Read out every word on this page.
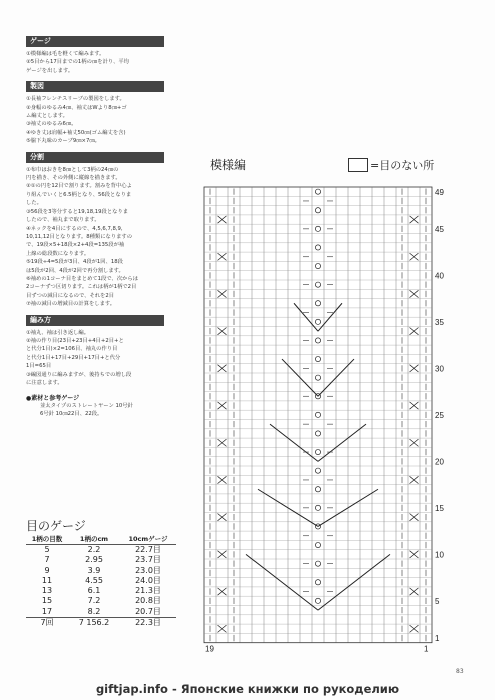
ゲージ
①模様編は毛を軽くて編みます。
②5目から17目までの1柄の㎝を計り、平均
ゲージを出します。
製図
①長袖フレンチスリーブの製図をします。
②身幅のゆるみ4㎝、袖丈はWより8㎝+ゴ
ム編丈とします。
③袖丈のゆるみ6㎝。
④ゆき丈は肩幅+袖丈50㎝(ゴム編丈を含)
⑤脇下丸味のカーブ9㎝×7㎝。
分割
①布巾はおきを8㎝として3柄の24㎝の
円を描き、その外側に縦線を描きます。
②①の円を12目で割ります。割みを背中心よ
り組んでいくと6.5柄となり、56段となりま
した。
③56段を3等分すると19,18,19段となりま
したので、袖丸まで取ります。
④ネックを4目にするので、4,5,6,7,8,9,
10,11,12目となります。8種類になりますの
で、19段×5+18段×2+4段=135段が袖
上線の総段数になります。
⑤19段÷4=5段が3目、4段が1回、18段
は5段が2回、4段が2回で再分割します。
⑥袖めの1コーナ目をまとめて1段で、次からは
2コーナずつ区切ります。これは柄が1柄で2目
目ずつの減目になるので、それを2目
⑦袖の減目の増減目の計算をします。
編み方
①袖丸、袖は引き返し編。
②袖の作り目(23目+23目+4目+2目+と
と代分1目)×2=106目、袖丸の作り目
と代分1目+17目+29目+17目+と代分
1目=65目
③編図通りに編みますが、後持ちでの増し段
に注意します。
●素材と参考ゲージ
並太タイプのストレートヤーン 10号針
6号針 10㎝22目、22段。
目のゲージ
1柄の目数	1柄のcm	10cmゲージ
5	2.2	22.7目
7	2.95	23.7目
9	3.9	23.0目
11	4.55	24.0目
13	6.1	21.3目
15	7.2	20.8目
17	8.2	20.7目
7回	7 156.2	22.3目
模様編	=目のない所
49
45
40
35
30
25
20
15
10
5
1
19	1
83
giftjap.info - Японские книжки по рукоделию
